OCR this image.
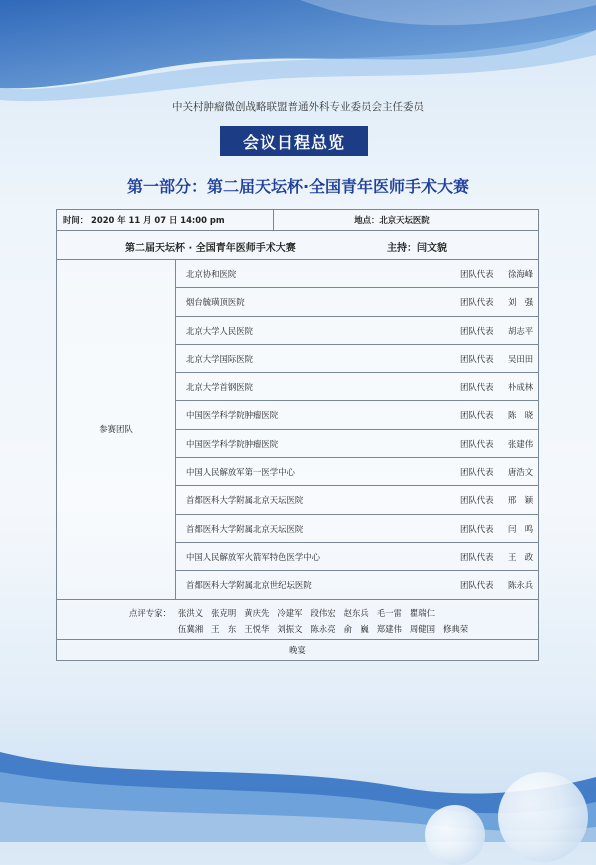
中关村肿瘤微创战略联盟普通外科专业委员会主任委员
会议日程总览
第一部分：第二届天坛杯·全国青年医师手术大赛
时间： 2020 年 11 月 07 日 14:00 pm		地点：北京天坛医院

第二届天坛杯 · 全国青年医师手术大赛 主持：闫文貌		

参赛团队	北京协和医院 团队代表 徐海峰	

	烟台毓璜顶医院 团队代表 刘　强	

	北京大学人民医院 团队代表 胡志平	

	北京大学国际医院 团队代表 吴田田	

	北京大学首钢医院 团队代表 朴成林	

	中国医学科学院肿瘤医院 团队代表 陈　晓	

	中国医学科学院肿瘤医院 团队代表 张建伟	

	中国人民解放军第一医学中心 团队代表 唐浩文	

	首都医科大学附属北京天坛医院 团队代表 邢　颖	

	首都医科大学附属北京天坛医院 团队代表 闫　鸣	

	中国人民解放军火箭军特色医学中心 团队代表 王　政	

	首都医科大学附属北京世纪坛医院 团队代表 陈永兵	

点评专家： 张洪义 张克明 黄庆先 冷建军 段伟宏 赵东兵 毛一雷 瞿瑞仁
伍冀湘 王　东 王悦华 刘振文 陈永亮 俞　巍 郑建伟 周健国 修典荣		

晚宴		
